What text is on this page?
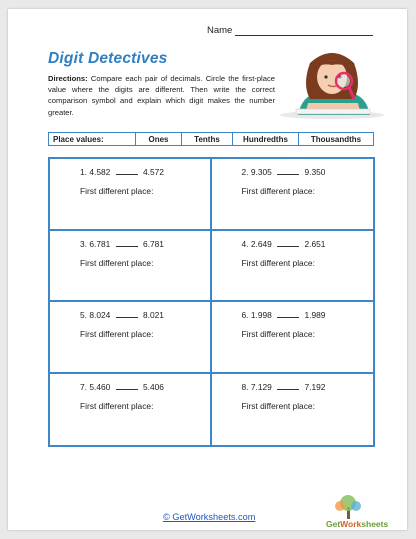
Name
Digit Detectives
Directions: Compare each pair of decimals. Circle the first-place value where the digits are different. Then write the correct comparison symbol and explain which digit makes the number greater.
Place values:	Ones	Tenths	Hundredths	Thousandths
1. 4.582	4.572
First different place:
2. 9.305	9.350
First different place:
3. 6.781	6.781
First different place:
4. 2.649	2.651
First different place:
5. 8.024	8.021
First different place:
6. 1.998	1.989
First different place:
7. 5.460	5.406
First different place:
8. 7.129	7.192
First different place:
© GetWorksheets.com
GetWorksheets
